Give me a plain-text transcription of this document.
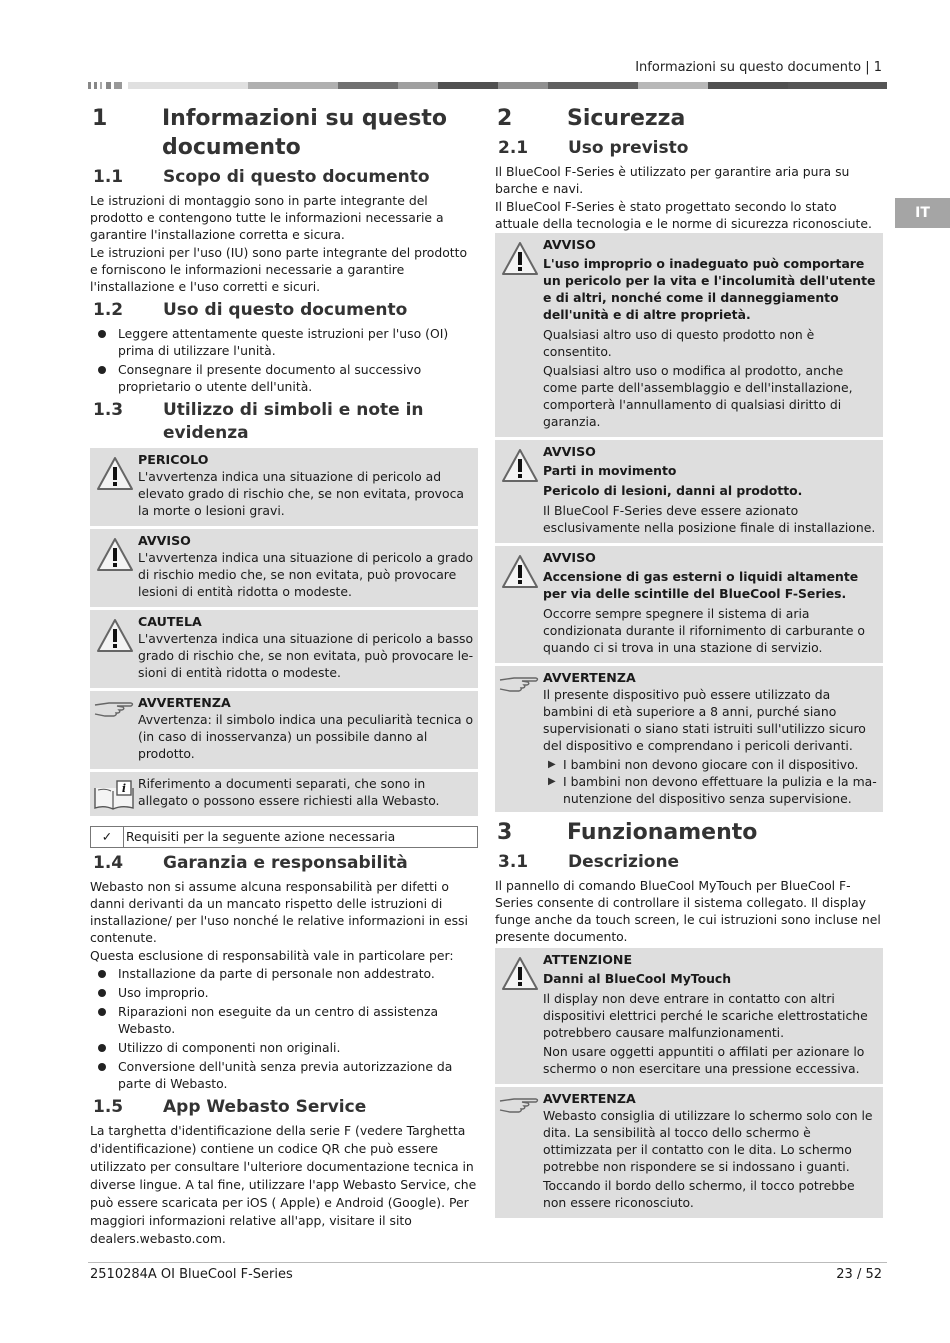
Informazioni su questo documento | 1
IT
1	Informazioni su questo documento
1.1	Scopo di questo documento

Le istruzioni di montaggio sono in parte integrante del prodotto e contengono tutte le informazioni necessarie a garantire l'installazione corretta e sicura.

Le istruzioni per l'uso (IU) sono parte integrante del prodotto e forniscono le informazioni necessarie a garantire l'installazione e l'uso corretti e sicuri.

1.2	Uso di questo documento
Leggere attentamente queste istruzioni per l'uso (OI) prima di utilizzare l'unità.
Consegnare il presente documento al successivo proprietario o utente dell'unità.
1.3	Utilizzo di simboli e note in evidenza
PERICOLO

L'avvertenza indica una situazione di pericolo ad elevato grado di rischio che, se non evitata, provoca la morte o lesioni gravi.

AVVISO

L'avvertenza indica una situazione di pericolo a grado di rischio medio che, se non evitata, può provocare lesioni di entità ridotta o modeste.

CAUTELA

L'avvertenza indica una situazione di pericolo a basso grado di rischio che, se non evitata, può provocare lesioni di entità ridotta o modeste.

AVVERTENZA

Avvertenza: il simbolo indica una peculiarità tecnica o (in caso di inosservanza) un possibile danno al prodotto.

i Riferimento a documenti separati, che sono in allegato o possono essere richiesti alla Webasto.

✓	Requisiti per la seguente azione necessaria
1.4	Garanzia e responsabilità

Webasto non si assume alcuna responsabilità per difetti o danni derivanti da un mancato rispetto delle istruzioni di installazione/ per l'uso nonché le relative informazioni in essi contenute.

Questa esclusione di responsabilità vale in particolare per:

Installazione da parte di personale non addestrato.
Uso improprio.
Riparazioni non eseguite da un centro di assistenza Webasto.
Utilizzo di componenti non originali.
Conversione dell'unità senza previa autorizzazione da parte di Webasto.
1.5	App Webasto Service

La targhetta d'identificazione della serie F (vedere Targhetta d'identificazione) contiene un codice QR che può essere utilizzato per consultare l'ulteriore documentazione tecnica in diverse lingue. A tal fine, utilizzare l'app Webasto Service, che può essere scaricata per iOS ( Apple) e Android (Google). Per maggiori informazioni relative all'app, visitare il sito dealers.webasto.com.

2	Sicurezza
2.1	Uso previsto

Il BlueCool F-Series è utilizzato per garantire aria pura su barche e navi.

Il BlueCool F-Series è stato progettato secondo lo stato attuale della tecnologia e le norme di sicurezza riconosciute.

AVVISO
L'uso improprio o inadeguato può comportare un pericolo per la vita e l'incolumità dell'utente e di altri, nonché come il danneggiamento dell'unità e di altre proprietà.

Qualsiasi altro uso di questo prodotto non è consentito.

Qualsiasi altro uso o modifica al prodotto, anche come parte dell'assemblaggio e dell'installazione, comporterà l'annullamento di qualsiasi diritto di garanzia.

AVVISO
Parti in movimento
Pericolo di lesioni, danni al prodotto.

Il BlueCool F-Series deve essere azionato esclusivamente nella posizione finale di installazione.

AVVISO
Accensione di gas esterni o liquidi altamente per via delle scintille del BlueCool F-Series.

Occorre sempre spegnere il sistema di aria condizionata durante il rifornimento di carburante o quando ci si trova in una stazione di servizio.

AVVERTENZA

Il presente dispositivo può essere utilizzato da bambini di età superiore a 8 anni, purché siano supervisionati o siano stati istruiti sull'utilizzo sicuro del dispositivo e comprendano i pericoli derivanti.

▶ I bambini non devono giocare con il dispositivo.
▶ I bambini non devono effettuare la pulizia e la manutenzione del dispositivo senza supervisione.
3	Funzionamento
3.1	Descrizione

Il pannello di comando BlueCool MyTouch per BlueCool F-Series consente di controllare il sistema collegato. Il display funge anche da touch screen, le cui istruzioni sono incluse nel presente documento.

ATTENZIONE
Danni al BlueCool MyTouch

Il display non deve entrare in contatto con altri dispositivi elettrici perché le scariche elettrostatiche potrebbero causare malfunzionamenti.

Non usare oggetti appuntiti o affilati per azionare lo schermo o non esercitare una pressione eccessiva.

AVVERTENZA

Webasto consiglia di utilizzare lo schermo solo con le dita. La sensibilità al tocco dello schermo è ottimizzata per il contatto con le dita. Lo schermo potrebbe non rispondere se si indossano i guanti.

Toccando il bordo dello schermo, il tocco potrebbe non essere riconosciuto.

2510284A OI BlueCool F-Series	23 / 52
